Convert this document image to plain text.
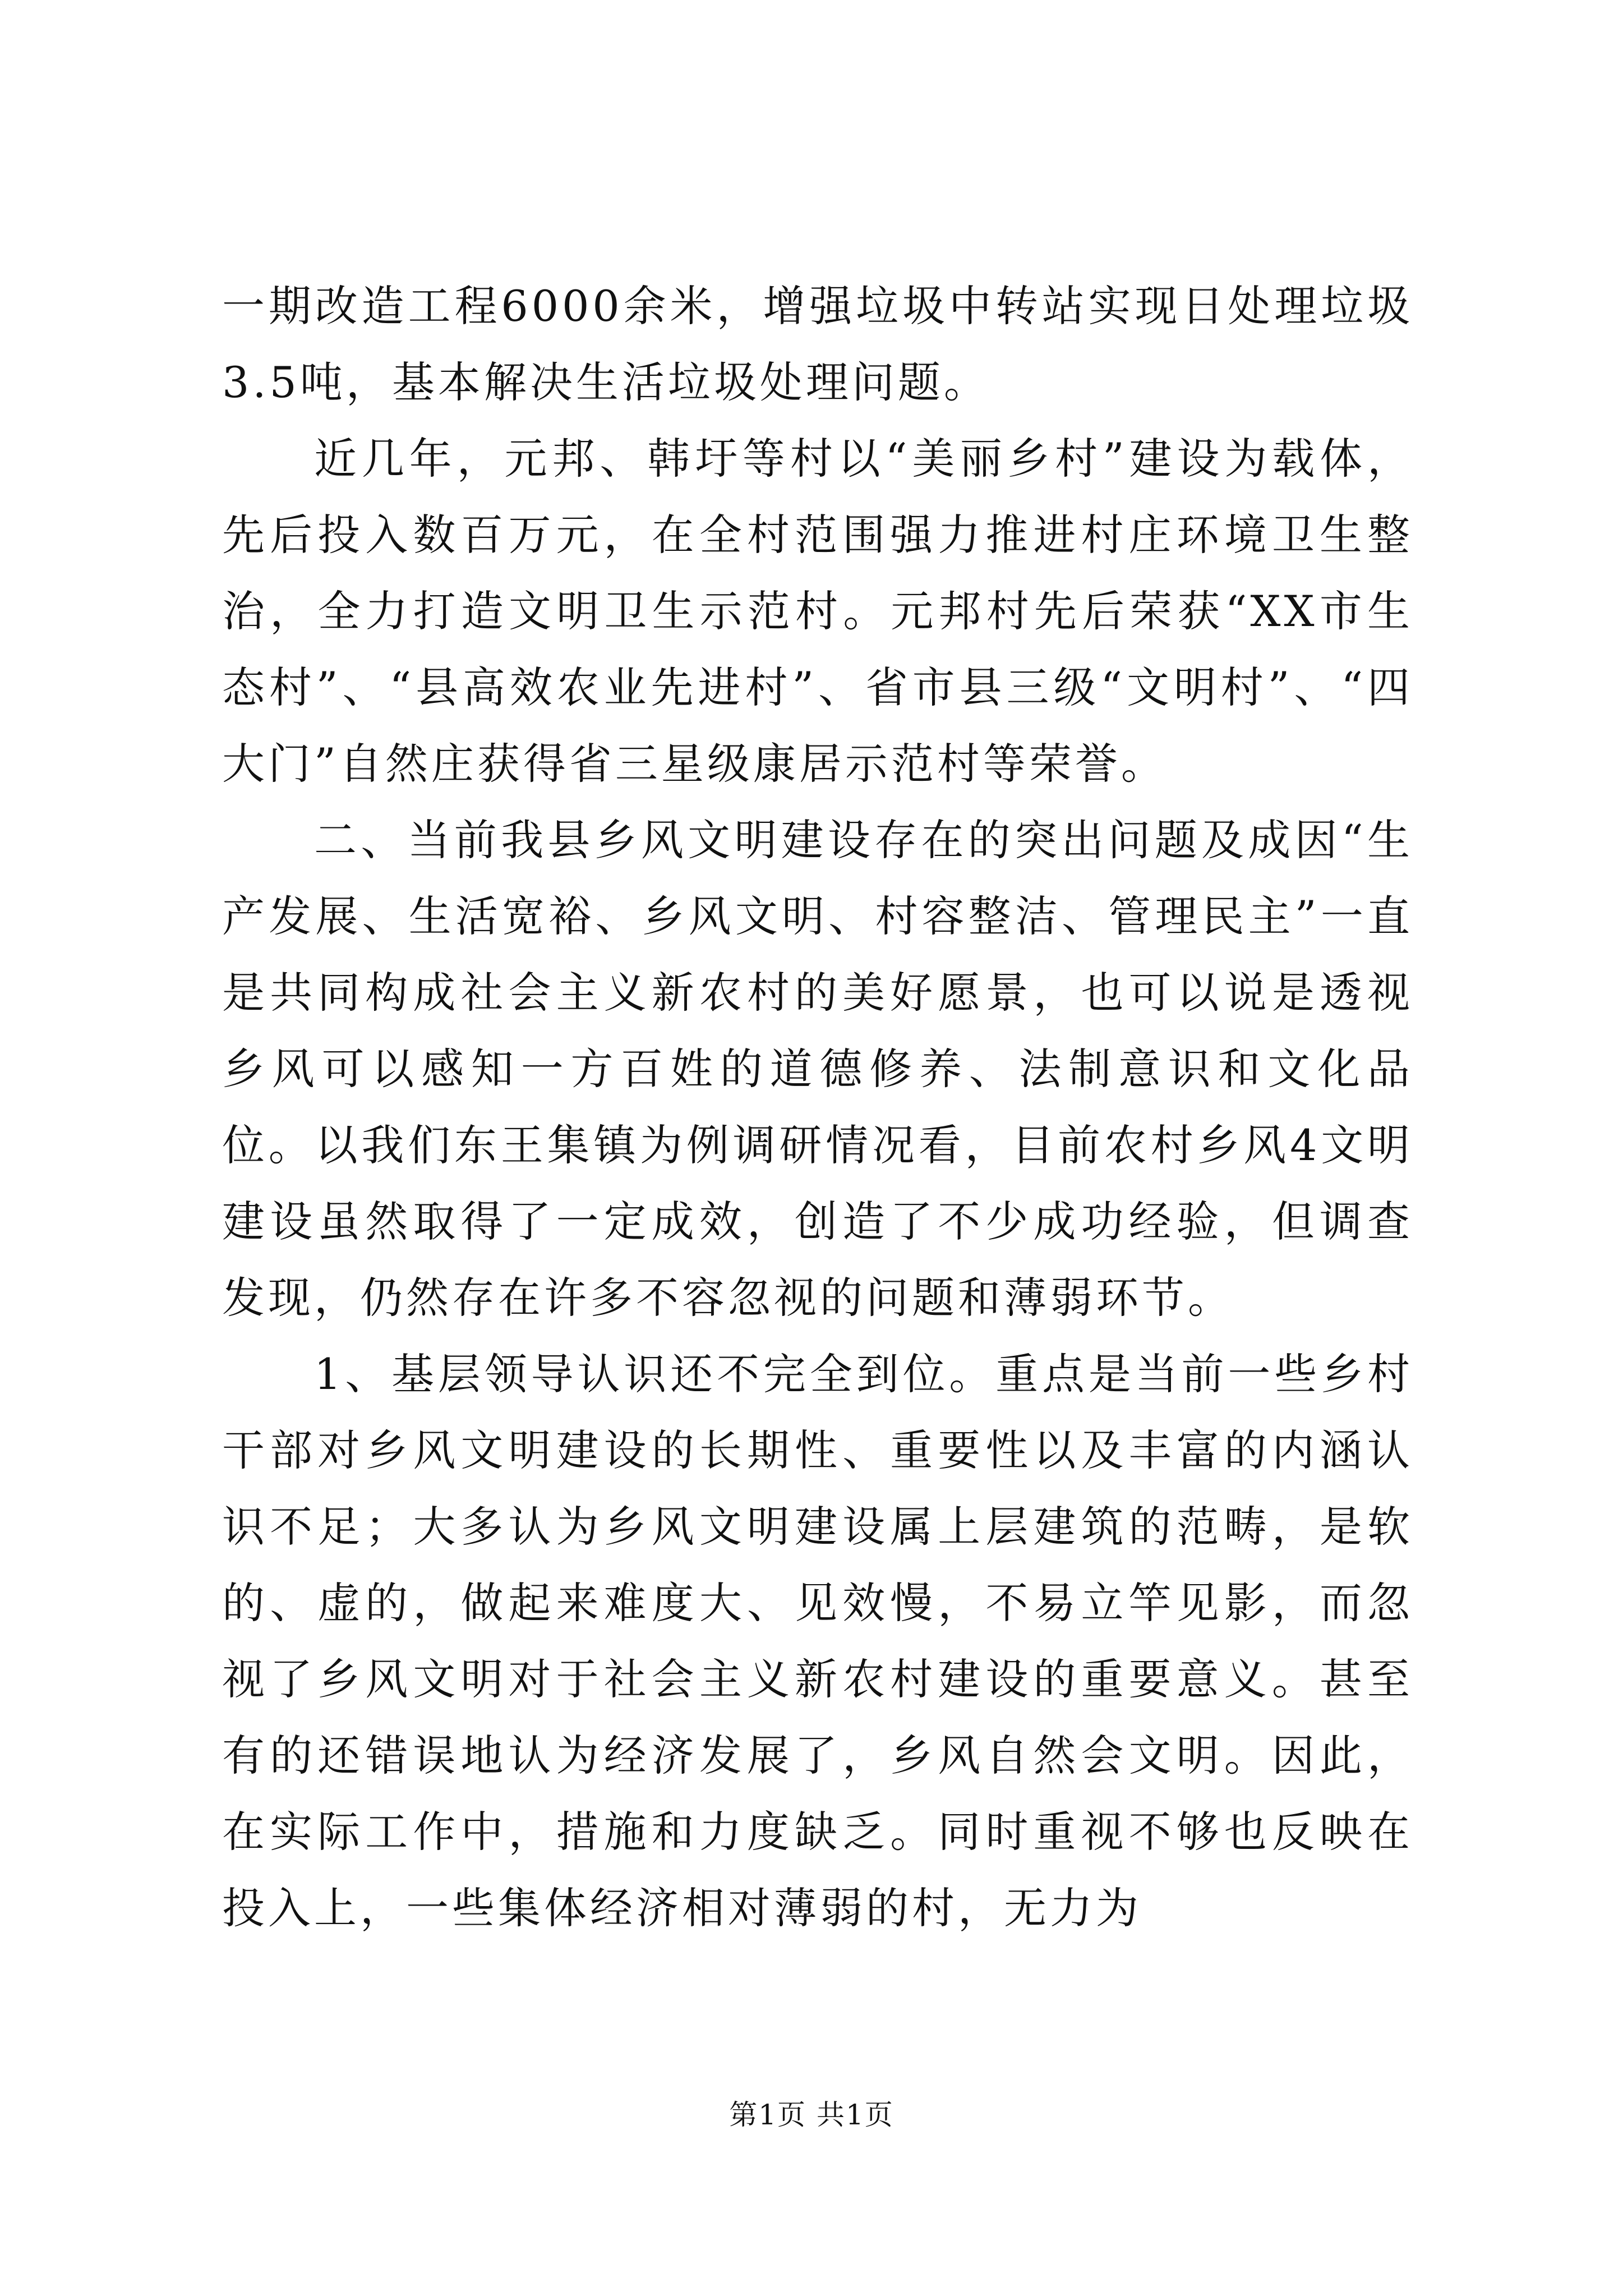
一期改造工程6000余米，增强垃圾中转站实现日处理垃圾3.5吨，基本解决生活垃圾处理问题。

近几年，元邦、韩圩等村以“美丽乡村”建设为载体，先后投入数百万元，在全村范围强力推进村庄环境卫生整治，全力打造文明卫生示范村。元邦村先后荣获“XX市生态村”、“县高效农业先进村”、省市县三级“文明村”、“四大门”自然庄获得省三星级康居示范村等荣誉。

二、当前我县乡风文明建设存在的突出问题及成因“生产发展、生活宽裕、乡风文明、村容整洁、管理民主”一直是共同构成社会主义新农村的美好愿景，也可以说是透视乡风可以感知一方百姓的道德修养、法制意识和文化品位。以我们东王集镇为例调研情况看，目前农村乡风4文明建设虽然取得了一定成效，创造了不少成功经验，但调查发现，仍然存在许多不容忽视的问题和薄弱环节。

1、基层领导认识还不完全到位。重点是当前一些乡村干部对乡风文明建设的长期性、重要性以及丰富的内涵认识不足；大多认为乡风文明建设属上层建筑的范畴，是软的、虚的，做起来难度大、见效慢，不易立竿见影，而忽视了乡风文明对于社会主义新农村建设的重要意义。甚至有的还错误地认为经济发展了，乡风自然会文明。因此，在实际工作中，措施和力度缺乏。同时重视不够也反映在投入上，一些集体经济相对薄弱的村，无力为

第1页 共1页
